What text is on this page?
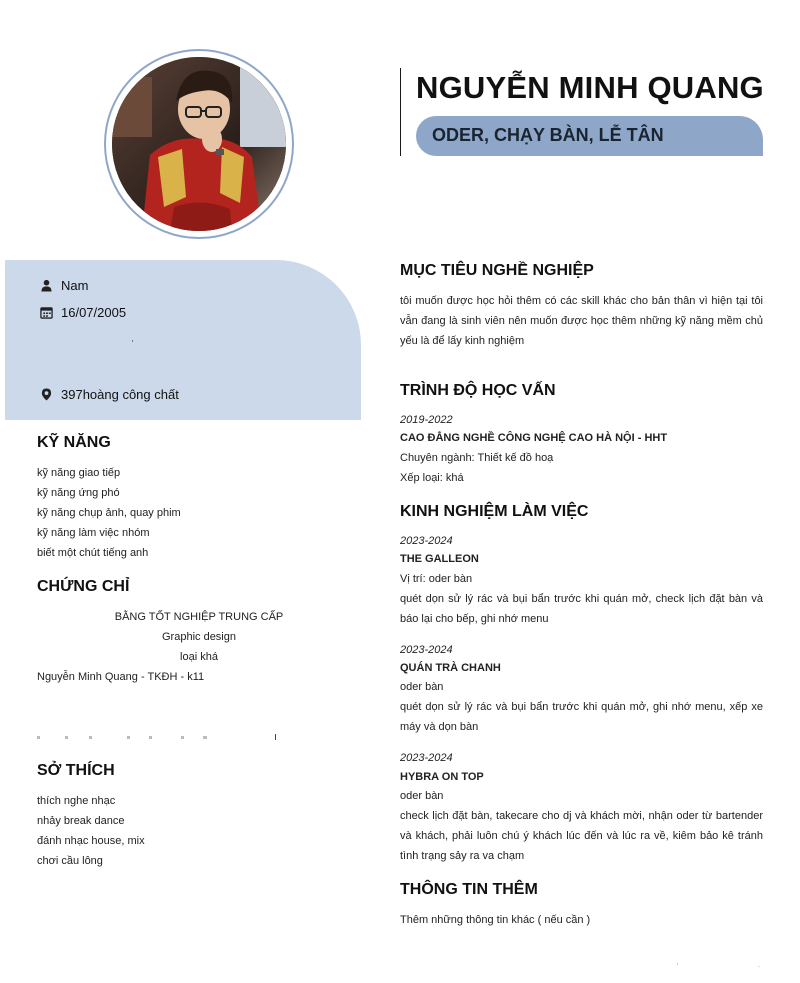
NGUYỄN MINH QUANG
ODER, CHẠY BÀN, LỄ TÂN
Nam
16/07/2005
397hoàng công chất
KỸ NĂNG
kỹ năng giao tiếp
kỹ năng ứng phó
kỹ năng chụp ảnh, quay phim
kỹ năng làm việc nhóm
biết một chút tiếng anh
CHỨNG CHỈ
BẰNG TỐT NGHIỆP TRUNG CẤP
Graphic design
loại khá
Nguyễn Minh Quang - TKĐH - k11
SỞ THÍCH
thích nghe nhạc
nhảy break dance
đánh nhạc house, mix
chơi cầu lông
MỤC TIÊU NGHỀ NGHIỆP
tôi muốn được học hỏi thêm có các skill khác cho bản thân vì hiện tại tôi vẫn đang là sinh viên nên muốn được học thêm những kỹ năng mềm chủ yếu là để lấy kinh nghiệm
TRÌNH ĐỘ HỌC VẤN
2019-2022
CAO ĐẲNG NGHỀ CÔNG NGHỆ CAO HÀ NỘI - HHT
Chuyên ngành: Thiết kế đồ hoạ
Xếp loại: khá
KINH NGHIỆM LÀM VIỆC
2023-2024
THE GALLEON
Vị trí: oder bàn
quét dọn sử lý rác và bụi bẩn trước khi quán mở, check lịch đặt bàn và báo lại cho bếp, ghi nhớ menu
2023-2024
QUÁN TRÀ CHANH
oder bàn
quét dọn sử lý rác và bụi bẩn trước khi quán mở, ghi nhớ menu, xếp xe máy và dọn bàn
2023-2024
HYBRA ON TOP
oder bàn
check lịch đặt bàn, takecare cho dj và khách mời, nhận oder từ bartender và khách, phải luôn chú ý khách lúc đến và lúc ra về, kiêm bảo kê tránh tình trạng sảy ra va chạm
THÔNG TIN THÊM
Thêm những thông tin khác ( nếu cần )
'	·
